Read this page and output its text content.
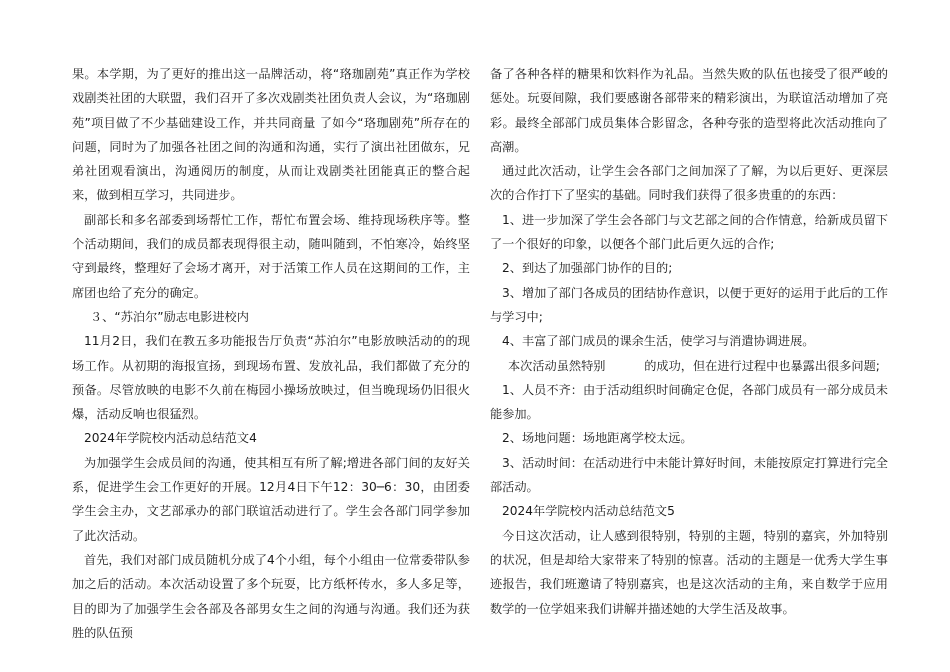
果。本学期，为了更好的推出这一品牌活动，将“珞珈剧苑”真正作为学校戏剧类社团的大联盟，我们召开了多次戏剧类社团负责人会议，为“珞珈剧苑”项目做了不少基础建设工作，并共同商量 了如今“珞珈剧苑”所存在的问题，同时为了加强各社团之间的沟通和沟通，实行了演出社团做东，兄弟社团观看演出，沟通阅历的制度，从而让戏剧类社团能真正的整合起来，做到相互学习，共同进步。

副部长和多名部委到场帮忙工作，帮忙布置会场、维持现场秩序等。整个活动期间，我们的成员都表现得很主动，随叫随到，不怕寒冷，始终坚守到最终，整理好了会场才离开，对于活策工作人员在这期间的工作，主席团也给了充分的确定。

３、“苏泊尔”励志电影进校内

11月2日，我们在教五多功能报告厅负责“苏泊尔”电影放映活动的的现场工作。从初期的海报宣扬，到现场布置、发放礼品，我们都做了充分的预备。尽管放映的电影不久前在梅园小操场放映过，但当晚现场仍旧很火爆，活动反响也很猛烈。

2024年学院校内活动总结范文4

为加强学生会成员间的沟通，使其相互有所了解;增进各部门间的友好关系，促进学生会工作更好的开展。12月4日下午12：30─6：30，由团委学生会主办，文艺部承办的部门联谊活动进行了。学生会各部门同学参加了此次活动。

首先，我们对部门成员随机分成了4个小组，每个小组由一位常委带队参加之后的活动。本次活动设置了多个玩耍，比方纸杯传水，多人多足等，目的即为了加强学生会各部及各部男女生之间的沟通与沟通。我们还为获胜的队伍预

备了各种各样的糖果和饮料作为礼品。当然失败的队伍也接受了很严峻的惩处。玩耍间隙，我们要感谢各部带来的精彩演出，为联谊活动增加了亮彩。最终全部部门成员集体合影留念，各种夸张的造型将此次活动推向了高潮。

通过此次活动，让学生会各部门之间加深了了解，为以后更好、更深层次的合作打下了坚实的基础。同时我们获得了很多贵重的的东西：

1、进一步加深了学生会各部门与文艺部之间的合作情意，给新成员留下了一个很好的印象，以便各个部门此后更久远的合作;

2、到达了加强部门协作的目的;

3、增加了部门各成员的团结协作意识，以便于更好的运用于此后的工作与学习中;

4、丰富了部门成员的课余生活，使学习与消遣协调进展。

本次活动虽然特别          的成功，但在进行过程中也暴露出很多问题;

1、人员不齐：由于活动组织时间确定仓促，各部门成员有一部分成员未能参加。

2、场地问题：场地距离学校太远。

3、活动时间：在活动进行中未能计算好时间，未能按原定打算进行完全部活动。

2024年学院校内活动总结范文5

今日这次活动，让人感到很特别，特别的主题，特别的嘉宾，外加特别的状况，但是却给大家带来了特别的惊喜。活动的主题是一优秀大学生事迹报告，我们班邀请了特别嘉宾，也是这次活动的主角，来自数学于应用数学的一位学姐来我们讲解并描述她的大学生活及故事。
